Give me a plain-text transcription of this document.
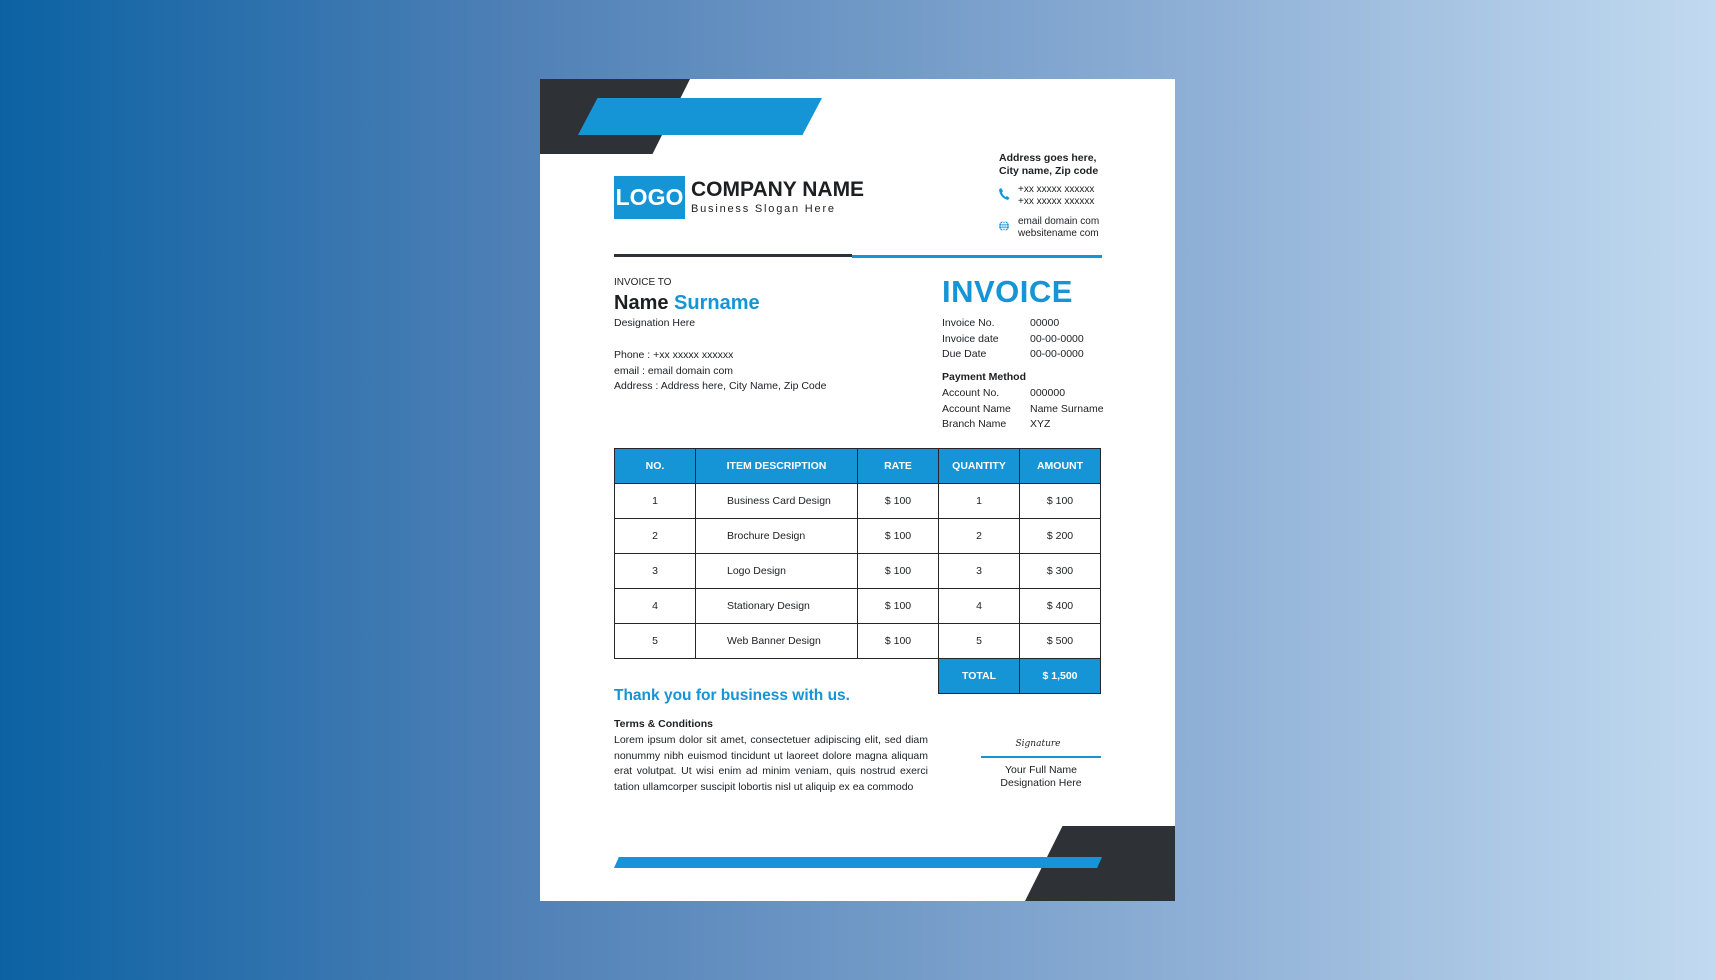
LOGO COMPANY NAME
Business Slogan Here
Address goes here,
City name, Zip code
+xx xxxxx xxxxxx
+xx xxxxx xxxxxx
email domain com
websitename com
INVOICE TO
Name Surname
Designation Here
Phone : +xx xxxxx xxxxxx
email : email domain com
Address : Address here, City Name, Zip Code
INVOICE
Invoice No.	00000
Invoice date	00-00-0000
Due Date	00-00-0000
Payment Method
Account No.	000000
Account Name	Name Surname
Branch Name	XYZ
NO.	ITEM DESCRIPTION	RATE	QUANTITY	AMOUNT
1	Business Card Design	$ 100	1	$ 100
2	Brochure Design	$ 100	2	$ 200
3	Logo Design	$ 100	3	$ 300
4	Stationary Design	$ 100	4	$ 400
5	Web Banner Design	$ 100	5	$ 500
			TOTAL	$ 1,500
Thank you for business with us.
Terms & Conditions
Lorem ipsum dolor sit amet, consectetuer adipiscing elit, sed diam nonummy nibh euismod tincidunt ut laoreet dolore magna aliquam erat volutpat. Ut wisi enim ad minim veniam, quis nostrud exerci tation ullamcorper suscipit lobortis nisl ut aliquip ex ea commodo
Signature
Your Full Name
Designation Here
